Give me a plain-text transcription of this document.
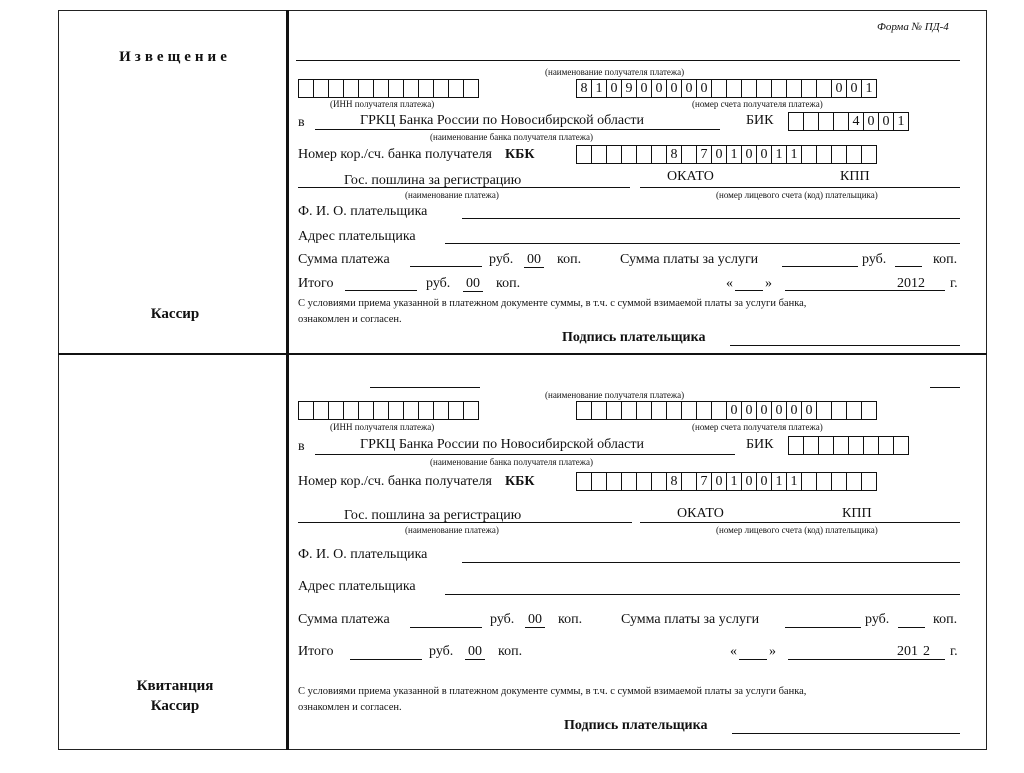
Извещение
Кассир
Квитанция
Кассир
Форма № ПД-4
(наименование получателя платежа)
(ИНН получателя платежа)
8 1 0 9 0 0 0 0 0	0 0 1
(номер счета получателя платежа)
в	ГРКЦ Банка России по Новосибирской области
(наименование банка получателя платежа)
БИК	4 0 0 1
Номер кор./сч. банка получателя КБК	8	7 0 1 0 0 1 1
Гос. пошлина за регистрацию
(наименование платежа)
ОКАТО	КПП
(номер лицевого счета (код) плательщика)
Ф. И. О. плательщика
Адрес плательщика
Сумма платежа	руб. 00 коп.	Сумма платы за услуги	руб.	коп.
Итого	руб. 00 коп.	« »	2012 г.
С условиями приема указанной в платежном документе суммы, в т.ч. с суммой взимаемой платы за услуги банка,
ознакомлен и согласен.
Подпись плательщика
(наименование получателя платежа)
(ИНН получателя платежа)
0 0 0 0 0 0
(номер счета получателя платежа)
в	ГРКЦ Банка России по Новосибирской области
(наименование банка получателя платежа)
БИК
Номер кор./сч. банка получателя КБК	8	7 0 1 0 0 1 1
Гос. пошлина за регистрацию
(наименование платежа)
ОКАТО	КПП
(номер лицевого счета (код) плательщика)
Ф. И. О. плательщика
Адрес плательщика
Сумма платежа	руб. 00 коп.	Сумма платы за услуги	руб.	коп.
Итого	руб. 00 коп.	« »	201 2 г.
С условиями приема указанной в платежном документе суммы, в т.ч. с суммой взимаемой платы за услуги банка,
ознакомлен и согласен.
Подпись плательщика
